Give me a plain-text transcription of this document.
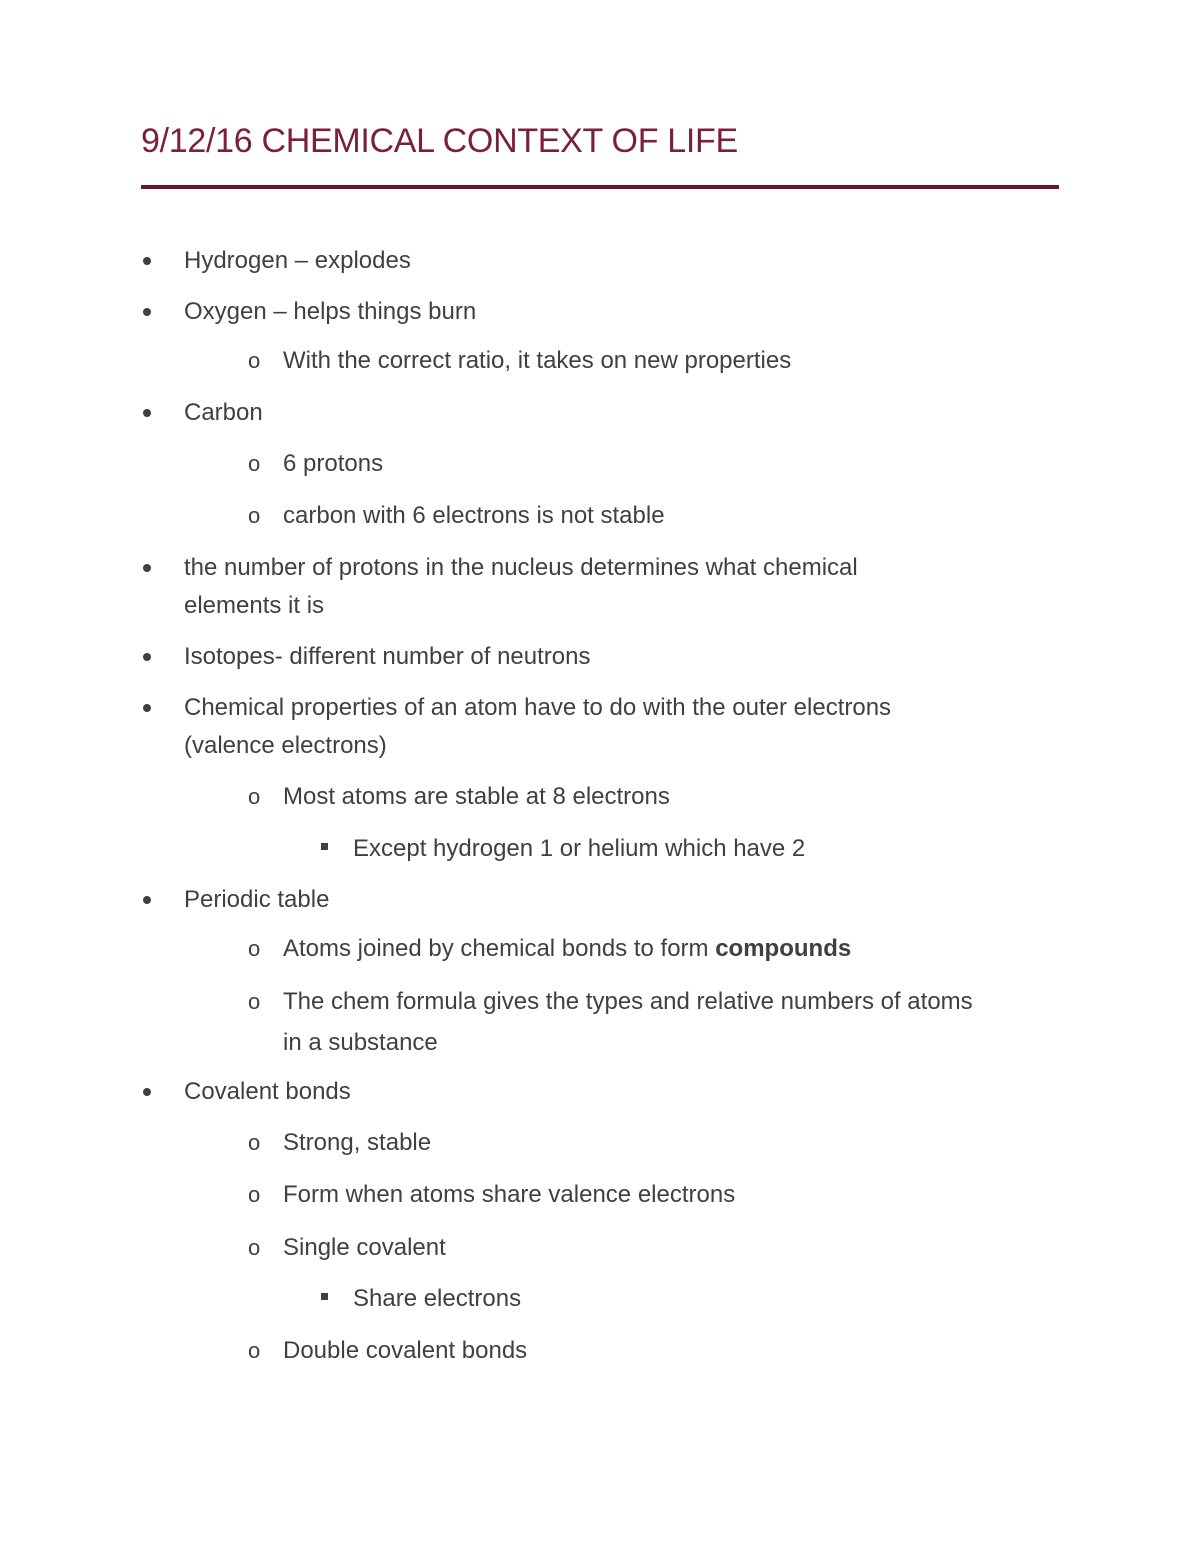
9/12/16 CHEMICAL CONTEXT OF LIFE
Hydrogen – explodes
Oxygen – helps things burn
o With the correct ratio, it takes on new properties
Carbon
o 6 protons
o carbon with 6 electrons is not stable
the number of protons in the nucleus determines what chemical
elements it is
Isotopes- different number of neutrons
Chemical properties of an atom have to do with the outer electrons
(valence electrons)
o Most atoms are stable at 8 electrons
Except hydrogen 1 or helium which have 2
Periodic table
o Atoms joined by chemical bonds to form compounds
o The chem formula gives the types and relative numbers of atoms
in a substance
Covalent bonds
o Strong, stable
o Form when atoms share valence electrons
o Single covalent
Share electrons
o Double covalent bonds
